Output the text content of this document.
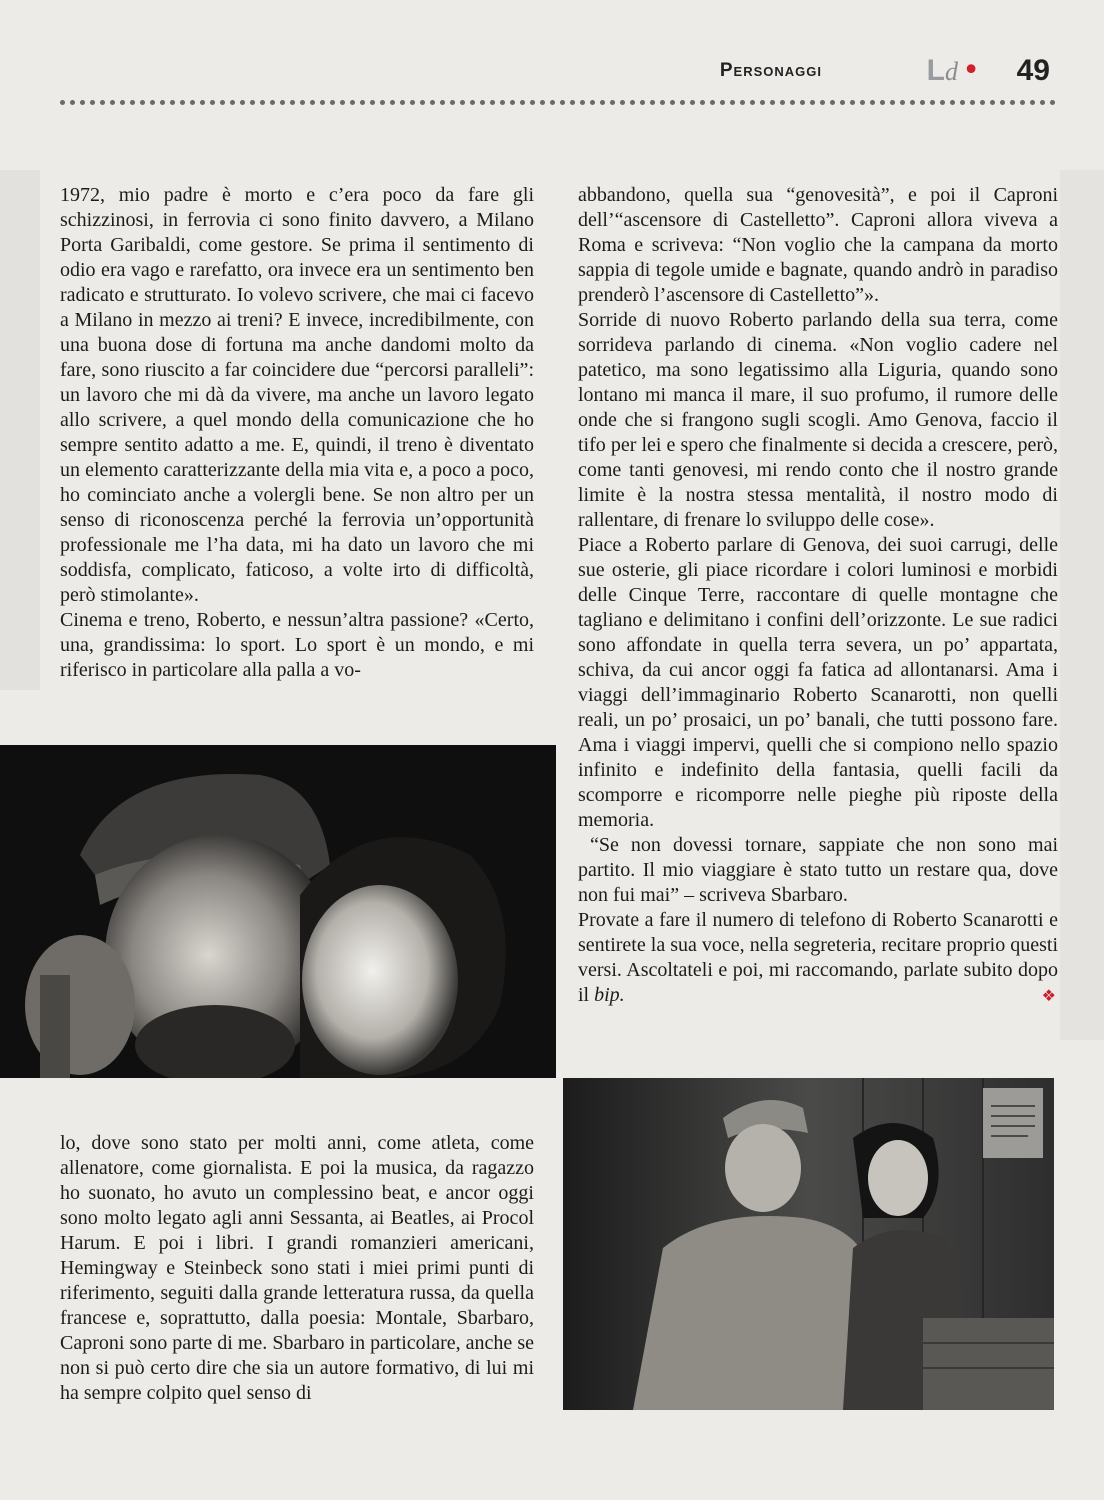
Personaggi	Ld • 49

1972, mio padre è morto e c’era poco da fare gli schizzinosi, in ferrovia ci sono finito davvero, a Milano Porta Garibaldi, come gestore. Se prima il sentimento di odio era vago e rarefatto, ora invece era un sentimento ben radicato e strutturato. Io volevo scrivere, che mai ci facevo a Milano in mezzo ai treni? E invece, incredibilmente, con una buona dose di fortuna ma anche dandomi molto da fare, sono riuscito a far coincidere due “percorsi paralleli”: un lavoro che mi dà da vivere, ma anche un lavoro legato allo scrivere, a quel mondo della comunicazione che ho sempre sentito adatto a me. E, quindi, il treno è diventato un elemento caratterizzante della mia vita e, a poco a poco, ho cominciato anche a volergli bene. Se non altro per un senso di riconoscenza perché la ferrovia un’opportunità professionale me l’ha data, mi ha dato un lavoro che mi soddisfa, complicato, faticoso, a volte irto di difficoltà, però stimolante».

Cinema e treno, Roberto, e nessun’altra passione? «Certo, una, grandissima: lo sport. Lo sport è un mondo, e mi riferisco in particolare alla palla a vo-

abbandono, quella sua “genovesità”, e poi il Caproni dell’“ascensore di Castelletto”. Caproni allora viveva a Roma e scriveva: “Non voglio che la campana da morto sappia di tegole umide e bagnate, quando andrò in paradiso prenderò l’ascensore di Castelletto”».

Sorride di nuovo Roberto parlando della sua terra, come sorrideva parlando di cinema. «Non voglio cadere nel patetico, ma sono legatissimo alla Liguria, quando sono lontano mi manca il mare, il suo profumo, il rumore delle onde che si frangono sugli scogli. Amo Genova, faccio il tifo per lei e spero che finalmente si decida a crescere, però, come tanti genovesi, mi rendo conto che il nostro grande limite è la nostra stessa mentalità, il nostro modo di rallentare, di frenare lo sviluppo delle cose».

Piace a Roberto parlare di Genova, dei suoi carrugi, delle sue osterie, gli piace ricordare i colori luminosi e morbidi delle Cinque Terre, raccontare di quelle montagne che tagliano e delimitano i confini dell’orizzonte. Le sue radici sono affondate in quella terra severa, un po’ appartata, schiva, da cui ancor oggi fa fatica ad allontanarsi. Ama i viaggi dell’immaginario Roberto Scanarotti, non quelli reali, un po’ prosaici, un po’ banali, che tutti possono fare. Ama i viaggi impervi, quelli che si compiono nello spazio infinito e indefinito della fantasia, quelli facili da scomporre e ricomporre nelle pieghe più riposte della memoria.

“Se non dovessi tornare, sappiate che non sono mai partito. Il mio viaggiare è stato tutto un restare qua, dove non fui mai” – scriveva Sbarbaro.

Provate a fare il numero di telefono di Roberto Scanarotti e sentirete la sua voce, nella segreteria, recitare proprio questi versi. Ascoltateli e poi, mi raccomando, parlate subito dopo il bip.	❖

lo, dove sono stato per molti anni, come atleta, come allenatore, come giornalista. E poi la musica, da ragazzo ho suonato, ho avuto un complessino beat, e ancor oggi sono molto legato agli anni Sessanta, ai Beatles, ai Procol Harum. E poi i libri. I grandi romanzieri americani, Hemingway e Steinbeck sono stati i miei primi punti di riferimento, seguiti dalla grande letteratura russa, da quella francese e, soprattutto, dalla poesia: Montale, Sbarbaro, Caproni sono parte di me. Sbarbaro in particolare, anche se non si può certo dire che sia un autore formativo, di lui mi ha sempre colpito quel senso di
